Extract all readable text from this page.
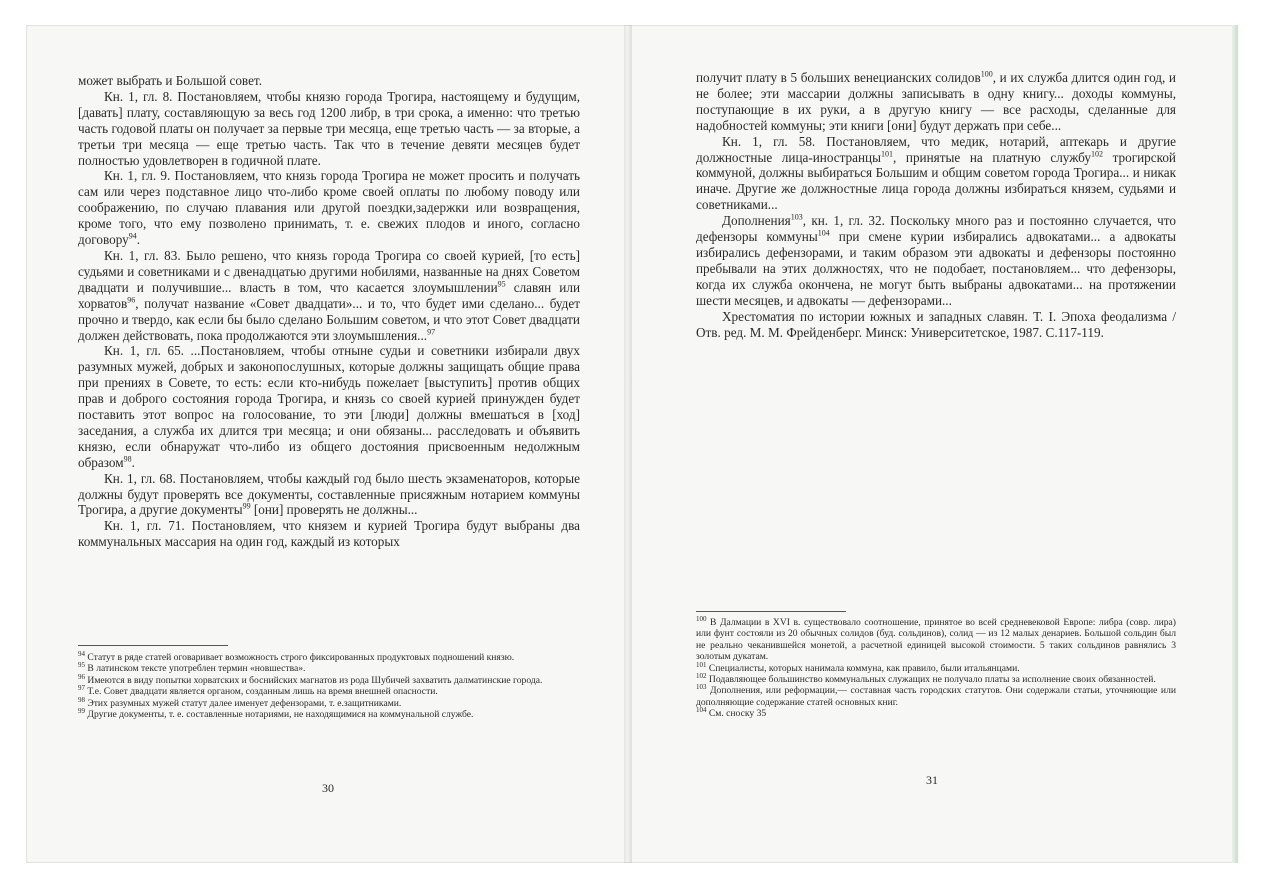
может выбрать и Большой совет.

Кн. 1, гл. 8. Постановляем, чтобы князю города Трогира, настоящему и будущим, [давать] плату, составляющую за весь год 1200 либр, в три срока, а именно: что третью часть годовой платы он получает за первые три месяца, еще третью часть — за вторые, а третьи три месяца — еще третью часть. Так что в течение девяти месяцев будет полностью удовлетворен в годичной плате.

Кн. 1, гл. 9. Постановляем, что князь города Трогира не может просить и получать сам или через подставное лицо что-либо кроме своей оплаты по любому поводу или соображению, по случаю плавания или другой поездки,задержки или возвращения, кроме того, что ему позволено принимать, т. е. свежих плодов и иного, согласно договору$^{94}$.

Кн. 1, гл. 83. Было решено, что князь города Трогира со своей курией, [то есть] судьями и советниками и с двенадцатью другими нобилями, названные на днях Советом двадцати и получившие... власть в том, что касается злоумышлении$^{95}$ славян или хорватов$^{96}$, получат название «Совет двадцати»... и то, что будет ими сделано... будет прочно и твердо, как если бы было сделано Большим советом, и что этот Совет двадцати должен действовать, пока продолжаются эти злоумышления...$^{97}$

Кн. 1, гл. 65. ...Постановляем, чтобы отныне судьи и советники избирали двух разумных мужей, добрых и законопослушных, которые должны защищать общие права при прениях в Совете, то есть: если кто-нибудь пожелает [выступить] против общих прав и доброго состояния города Трогира, и князь со своей курией принужден будет поставить этот вопрос на голосование, то эти [люди] должны вмешаться в [ход] заседания, а служба их длится три месяца; и они обязаны... расследовать и объявить князю, если обнаружат что-либо из общего достояния присвоенным недолжным образом$^{98}$.

Кн. 1, гл. 68. Постановляем, чтобы каждый год было шесть экзаменаторов, которые должны будут проверять все документы, составленные присяжным нотарием коммуны Трогира, а другие документы$^{99}$ [они] проверять не должны...

Кн. 1, гл. 71. Постановляем, что князем и курией Трогира будут выбраны два коммунальных массария на один год, каждый из которых

$^{94}$ Статут в ряде статей оговаривает возможность строго фиксированных продуктовых подношений князю.

$^{95}$ В латинском тексте употреблен термин «новшества».

$^{96}$ Имеются в виду попытки хорватских и боснийских магнатов из рода Шубичей захватить далматинские города.

$^{97}$ Т.е. Совет двадцати является органом, созданным лишь на время внешней опасности.

$^{98}$ Этих разумных мужей статут далее именует дефензорами, т. е.защитниками.

$^{99}$ Другие документы, т. е. составленные нотариями, не находящимися на коммунальной службе.

30

получит плату в 5 больших венецианских солидов$^{100}$, и их служба длится один год, и не более; эти массарии должны записывать в одну книгу... доходы коммуны, поступающие в их руки, а в другую книгу — все расходы, сделанные для надобностей коммуны; эти книги [они] будут держать при себе...

Кн. 1, гл. 58. Постановляем, что медик, нотарий, аптекарь и другие должностные лица-иностранцы$^{101}$, принятые на платную службу$^{102}$ трогирской коммуной, должны выбираться Большим и общим советом города Трогира... и никак иначе. Другие же должностные лица города должны избираться князем, судьями и советниками...

Дополнения$^{103}$, кн. 1, гл. 32. Поскольку много раз и постоянно случается, что дефензоры коммуны$^{104}$ при смене курии избирались адвокатами... а адвокаты избирались дефензорами, и таким образом эти адвокаты и дефензоры постоянно пребывали на этих должностях, что не подобает, постановляем... что дефензоры, когда их служба окончена, не могут быть выбраны адвокатами... на протяжении шести месяцев, и адвокаты — дефензорами...

Хрестоматия по истории южных и западных славян. Т. I. Эпоха феодализма / Отв. ред. М. М. Фрейденберг. Минск: Университетское, 1987. С.117-119.

$^{100}$ В Далмации в XVI в. существовало соотношение, принятое во всей средневековой Европе: либра (совр. лира) или фунт состояли из 20 обычных солидов (буд. сольдинов), солид — из 12 малых денариев. Большой сольдин был не реально чеканившейся монетой, а расчетной единицей высокой стоимости. 5 таких сольдинов равнялись 3 золотым дукатам.

$^{101}$ Специалисты, которых нанимала коммуна, как правило, были итальянцами.

$^{102}$ Подавляющее большинство коммунальных служащих не получало платы за исполнение своих обязанностей.

$^{103}$ Дополнения, или реформации,— составная часть городских статутов. Они содержали статьи, уточняющие или дополняющие содержание статей основных книг.

$^{104}$ См. сноску 35

31
